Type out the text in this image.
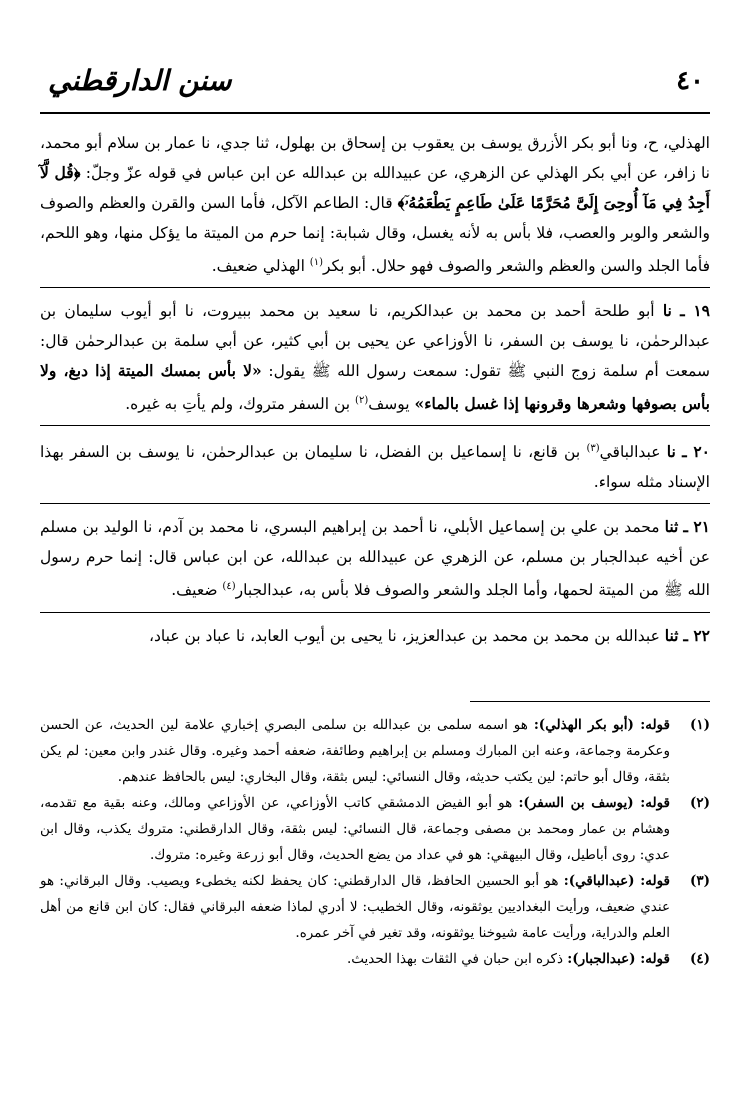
٤٠
سنن الدارقطني

الهذلي، ح، ونا أبو بكر الأزرق يوسف بن يعقوب بن إسحاق بن بهلول، ثنا جدي، نا عمار بن سلام أبو محمد، نا زافر، عن أبي بكر الهذلي عن الزهري، عن عبيدالله بن عبدالله عن ابن عباس في قوله عزّ وجلّ: ﴿قُل لَّآ أَجِدُ فِي مَآ أُوحِىَ إِلَىَّ مُحَرَّمًا عَلَىٰ طَاعِمٍ يَطْعَمُهُۥٓ﴾ قال: الطاعم الآكل، فأما السن والقرن والعظم والصوف والشعر والوبر والعصب، فلا بأس به لأنه يغسل، وقال شبابة: إنما حرم من الميتة ما يؤكل منها، وهو اللحم، فأما الجلد والسن والعظم والشعر والصوف فهو حلال. أبو بكر$^{(١)}$ الهذلي ضعيف.

١٩ ـ نا أبو طلحة أحمد بن محمد بن عبدالكريم، نا سعيد بن محمد ببيروت، نا أبو أيوب سليمان بن عبدالرحمٰن، نا يوسف بن السفر، نا الأوزاعي عن يحيى بن أبي كثير، عن أبي سلمة بن عبدالرحمٰن قال: سمعت أم سلمة زوج النبي ﷺ تقول: سمعت رسول الله ﷺ يقول: «لا بأس بمسك الميتة إذا دبغ، ولا بأس بصوفها وشعرها وقرونها إذا غسل بالماء» يوسف$^{(٢)}$ بن السفر متروك، ولم يأتِ به غيره.

٢٠ ـ نا عبدالباقي$^{(٣)}$ بن قانع، نا إسماعيل بن الفضل، نا سليمان بن عبدالرحمٰن، نا يوسف بن السفر بهذا الإسناد مثله سواء.

٢١ ـ ثنا محمد بن علي بن إسماعيل الأبلي، نا أحمد بن إبراهيم البسري، نا محمد بن آدم، نا الوليد بن مسلم عن أخيه عبدالجبار بن مسلم، عن الزهري عن عبيدالله بن عبدالله، عن ابن عباس قال: إنما حرم رسول الله ﷺ من الميتة لحمها، وأما الجلد والشعر والصوف فلا بأس به، عبدالجبار$^{(٤)}$ ضعيف.

٢٢ ـ ثنا عبدالله بن محمد بن محمد بن عبدالعزيز، نا يحيى بن أيوب العابد، نا عباد بن عباد،

(١)
قوله: (أبو بكر الهذلي): هو اسمه سلمى بن عبدالله بن سلمى البصري إخباري علامة لين الحديث، عن الحسن وعكرمة وجماعة، وعنه ابن المبارك ومسلم بن إبراهيم وطائفة، ضعفه أحمد وغيره. وقال غندر وابن معين: لم يكن بثقة، وقال أبو حاتم: لين يكتب حديثه، وقال النسائي: ليس بثقة، وقال البخاري: ليس بالحافظ عندهم.
(٢)
قوله: (يوسف بن السفر): هو أبو الفيض الدمشقي كاتب الأوزاعي، عن الأوزاعي ومالك، وعنه بقية مع تقدمه، وهشام بن عمار ومحمد بن مصفى وجماعة، قال النسائي: ليس بثقة، وقال الدارقطني: متروك يكذب، وقال ابن عدي: روى أباطيل، وقال البيهقي: هو في عداد من يضع الحديث، وقال أبو زرعة وغيره: متروك.
(٣)
قوله: (عبدالباقي): هو أبو الحسين الحافظ، قال الدارقطني: كان يحفظ لكنه يخطىء ويصيب. وقال البرقاني: هو عندي ضعيف، ورأيت البغداديين يوثقونه، وقال الخطيب: لا أدري لماذا ضعفه البرقاني فقال: كان ابن قانع من أهل العلم والدراية، ورأيت عامة شيوخنا يوثقونه، وقد تغير في آخر عمره.
(٤)
قوله: (عبدالجبار): ذكره ابن حبان في الثقات بهذا الحديث.
